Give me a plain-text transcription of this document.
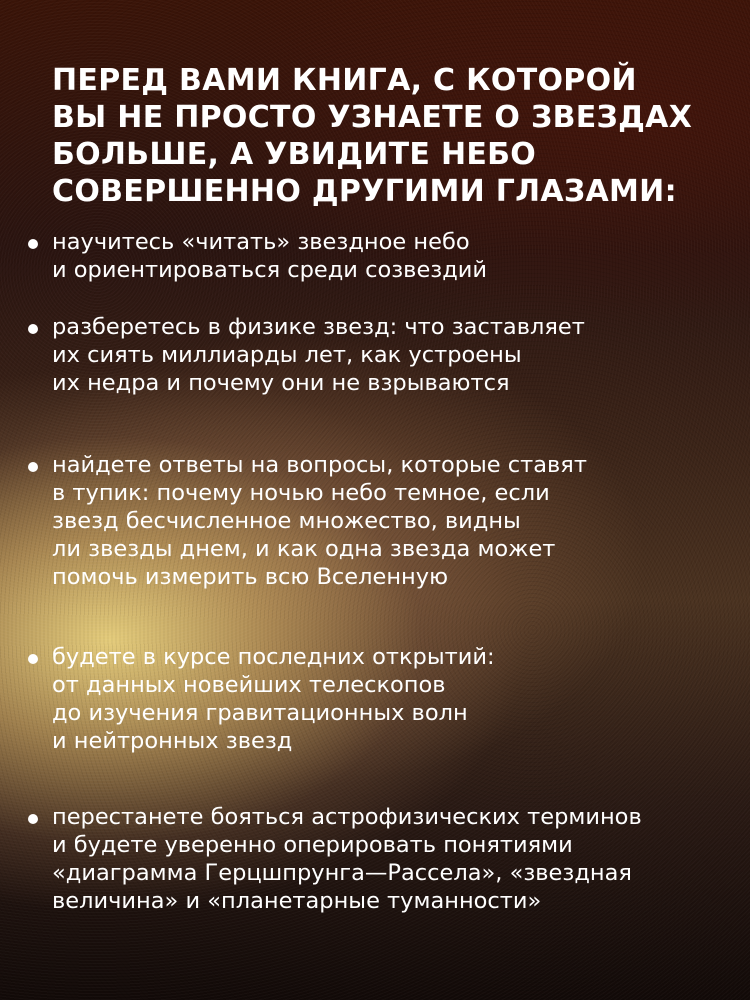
ПЕРЕД ВАМИ КНИГА, С КОТОРОЙ
ВЫ НЕ ПРОСТО УЗНАЕТЕ О ЗВЕЗДАХ
БОЛЬШЕ, А УВИДИТЕ НЕБО
СОВЕРШЕННО ДРУГИМИ ГЛАЗАМИ:
научитесь «читать» звездное небо
и ориентироваться среди созвездий
разберетесь в физике звезд: что заставляет
их сиять миллиарды лет, как устроены
их недра и почему они не взрываются
найдете ответы на вопросы, которые ставят
в тупик: почему ночью небо темное, если
звезд бесчисленное множество, видны
ли звезды днем, и как одна звезда может
помочь измерить всю Вселенную
будете в курсе последних открытий:
от данных новейших телескопов
до изучения гравитационных волн
и нейтронных звезд
перестанете бояться астрофизических терминов
и будете уверенно оперировать понятиями
«диаграмма Герцшпрунга—Рассела», «звездная
величина» и «планетарные туманности»
